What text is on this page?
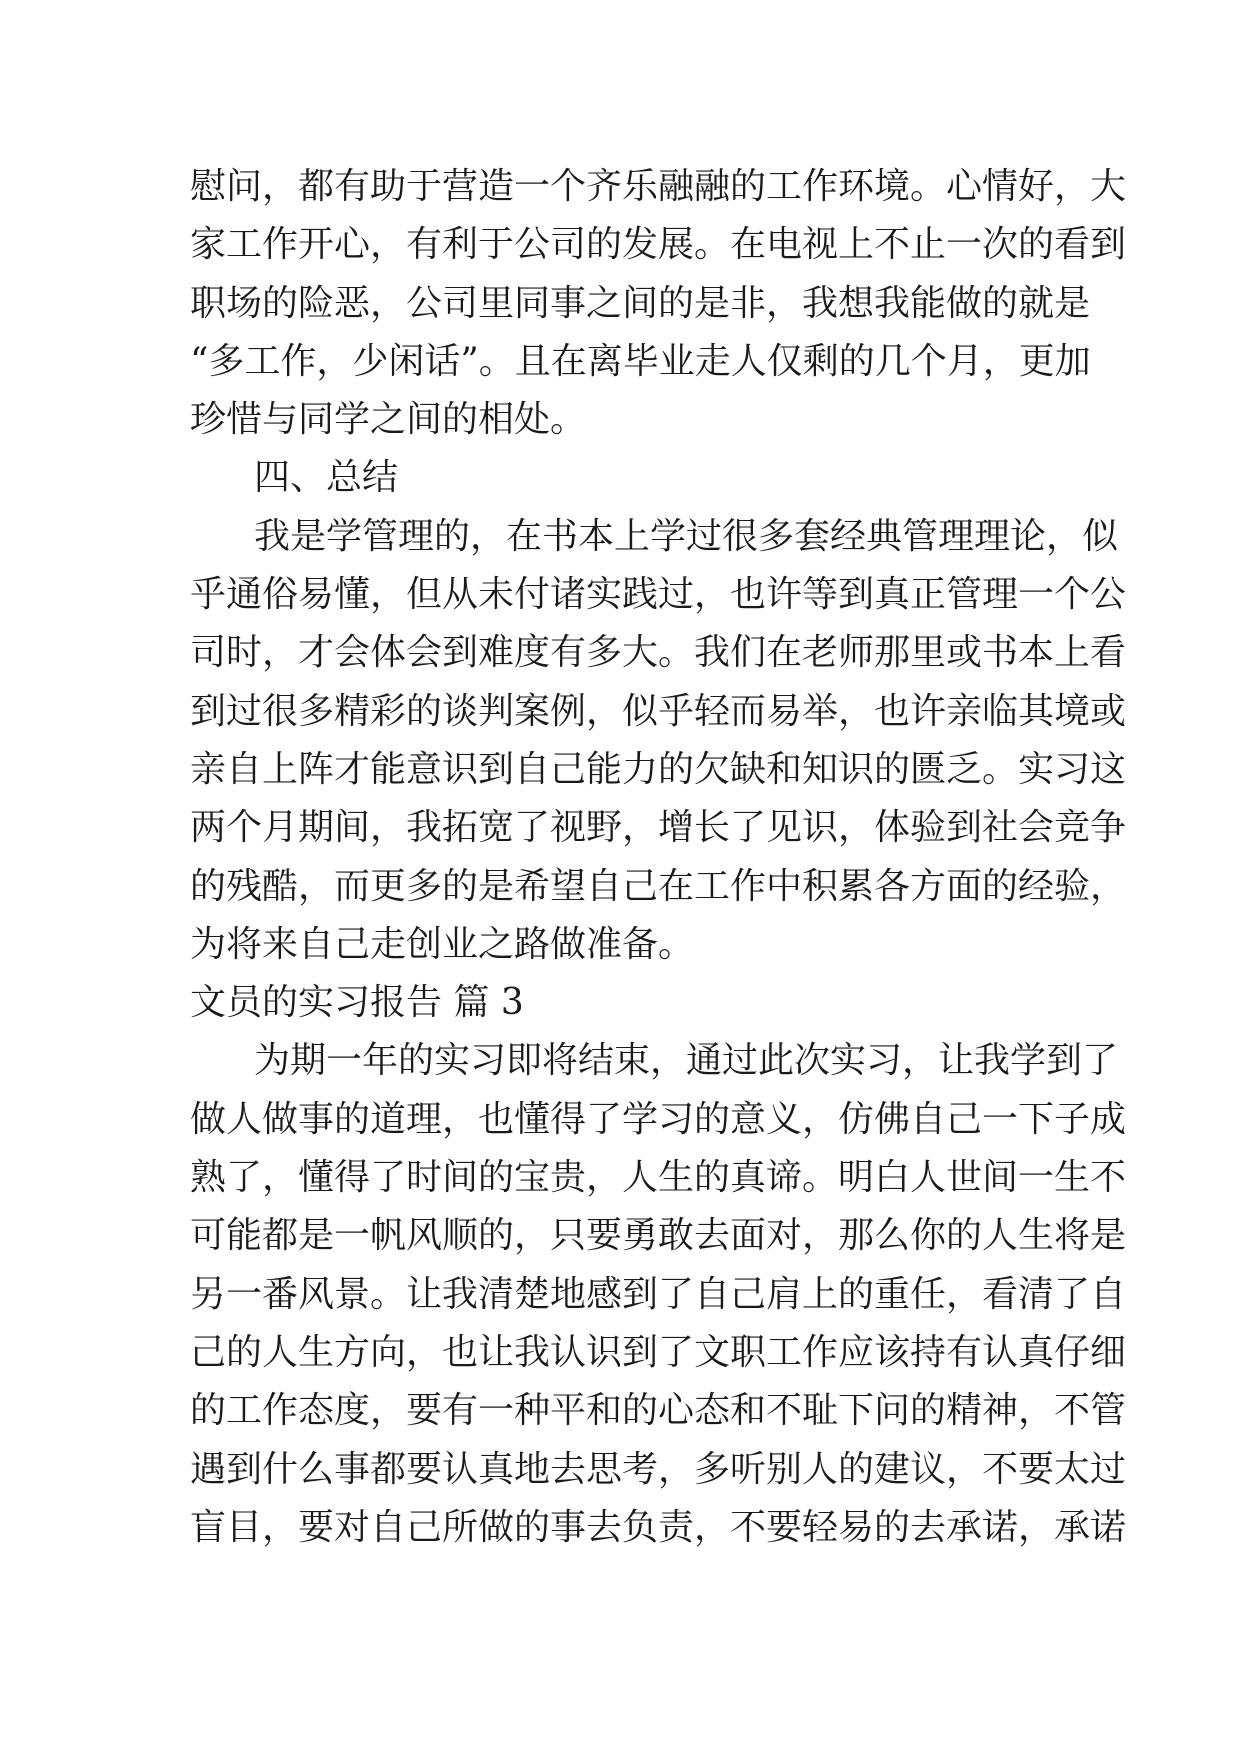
慰问，都有助于营造一个齐乐融融的工作环境。心情好，大
家工作开心，有利于公司的发展。在电视上不止一次的看到
职场的险恶，公司里同事之间的是非，我想我能做的就是
“多工作，少闲话”。且在离毕业走人仅剩的几个月，更加
珍惜与同学之间的相处。
四、总结
我是学管理的，在书本上学过很多套经典管理理论，似
乎通俗易懂，但从未付诸实践过，也许等到真正管理一个公
司时，才会体会到难度有多大。我们在老师那里或书本上看
到过很多精彩的谈判案例，似乎轻而易举，也许亲临其境或
亲自上阵才能意识到自己能力的欠缺和知识的匮乏。实习这
两个月期间，我拓宽了视野，增长了见识，体验到社会竞争
的残酷，而更多的是希望自己在工作中积累各方面的经验，
为将来自己走创业之路做准备。
文员的实习报告 篇 3
为期一年的实习即将结束，通过此次实习，让我学到了
做人做事的道理，也懂得了学习的意义，仿佛自己一下子成
熟了，懂得了时间的宝贵，人生的真谛。明白人世间一生不
可能都是一帆风顺的，只要勇敢去面对，那么你的人生将是
另一番风景。让我清楚地感到了自己肩上的重任，看清了自
己的人生方向，也让我认识到了文职工作应该持有认真仔细
的工作态度，要有一种平和的心态和不耻下问的精神，不管
遇到什么事都要认真地去思考，多听别人的建议，不要太过
盲目，要对自己所做的事去负责，不要轻易的去承诺，承诺
